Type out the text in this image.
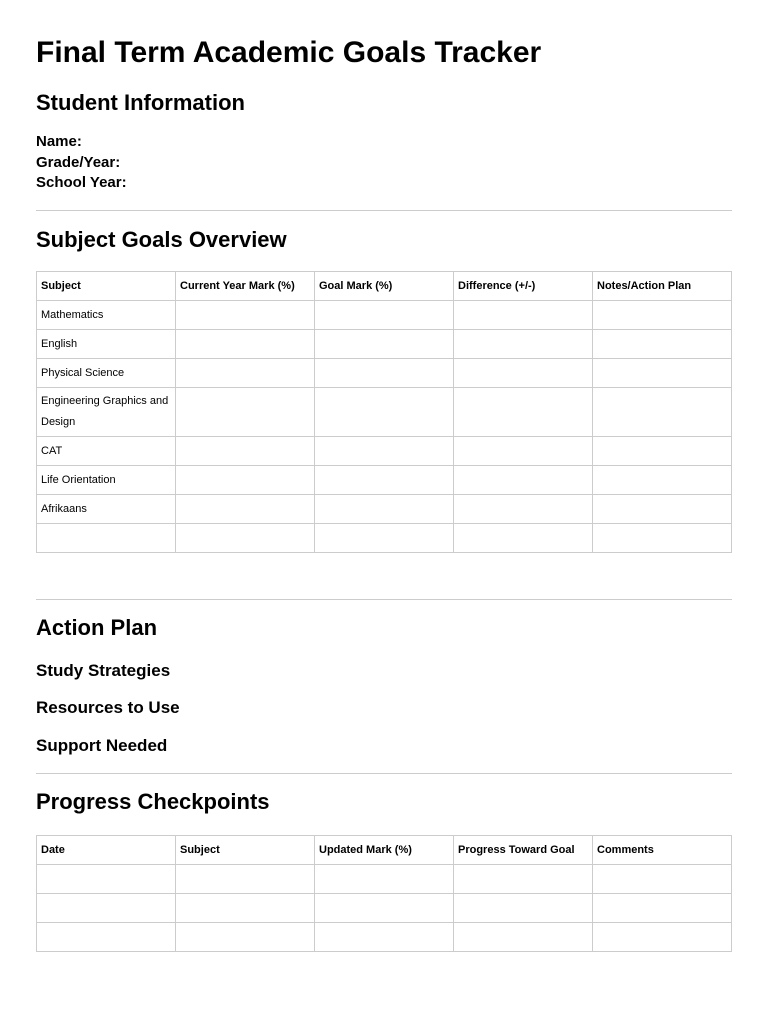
Final Term Academic Goals Tracker
Student Information
Name:
Grade/Year:
School Year:
Subject Goals Overview
Subject	Current Year Mark (%)	Goal Mark (%)	Difference (+/-)	Notes/Action Plan
Mathematics				
English				
Physical Science				
Engineering Graphics and Design				
CAT				
Life Orientation				
Afrikaans				

Action Plan
Study Strategies
Resources to Use
Support Needed
Progress Checkpoints
Date	Subject	Updated Mark (%)	Progress Toward Goal	Comments
